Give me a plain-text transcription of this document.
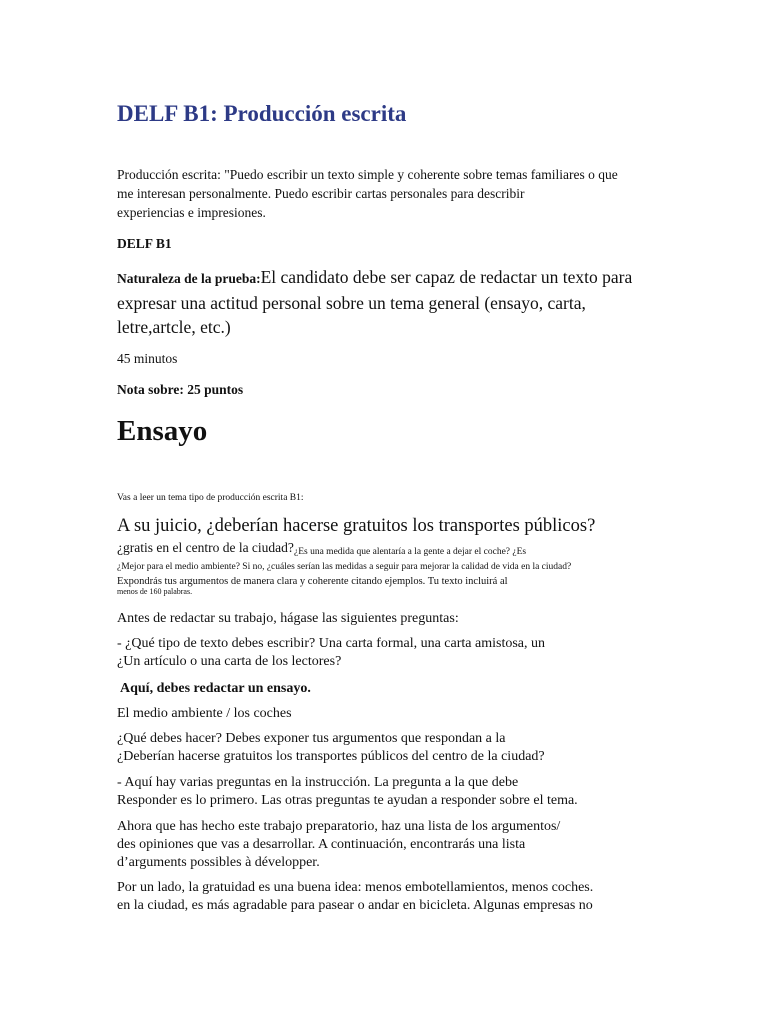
DELF B1: Producción escrita

Producción escrita: "Puedo escribir un texto simple y coherente sobre temas familiares o que
me interesan personalmente. Puedo escribir cartas personales para describir
experiencias e impresiones.

DELF B1

Naturaleza de la prueba:El candidato debe ser capaz de redactar un texto para
expresar una actitud personal sobre un tema general (ensayo, carta,
letre,artcle, etc.)

45 minutos

Nota sobre: 25 puntos

Ensayo

Vas a leer un tema tipo de producción escrita B1:

A su juicio, ¿deberían hacerse gratuitos los transportes públicos?

¿gratis en el centro de la ciudad? ¿Es una medida que alentaría a la gente a dejar el coche? ¿Es

¿Mejor para el medio ambiente? Si no, ¿cuáles serían las medidas a seguir para mejorar la calidad de vida en la ciudad?

Expondrás tus argumentos de manera clara y coherente citando ejemplos. Tu texto incluirá al

menos de 160 palabras.

Antes de redactar su trabajo, hágase las siguientes preguntas:

- ¿Qué tipo de texto debes escribir? Una carta formal, una carta amistosa, un
¿Un artículo o una carta de los lectores?

Aquí, debes redactar un ensayo.

El medio ambiente / los coches

¿Qué debes hacer? Debes exponer tus argumentos que respondan a la
¿Deberían hacerse gratuitos los transportes públicos del centro de la ciudad?

- Aquí hay varias preguntas en la instrucción. La pregunta a la que debe
Responder es lo primero. Las otras preguntas te ayudan a responder sobre el tema.

Ahora que has hecho este trabajo preparatorio, haz una lista de los argumentos/
des opiniones que vas a desarrollar. A continuación, encontrarás una lista
d’arguments possibles à développer.

Por un lado, la gratuidad es una buena idea: menos embotellamientos, menos coches.
en la ciudad, es más agradable para pasear o andar en bicicleta. Algunas empresas no
